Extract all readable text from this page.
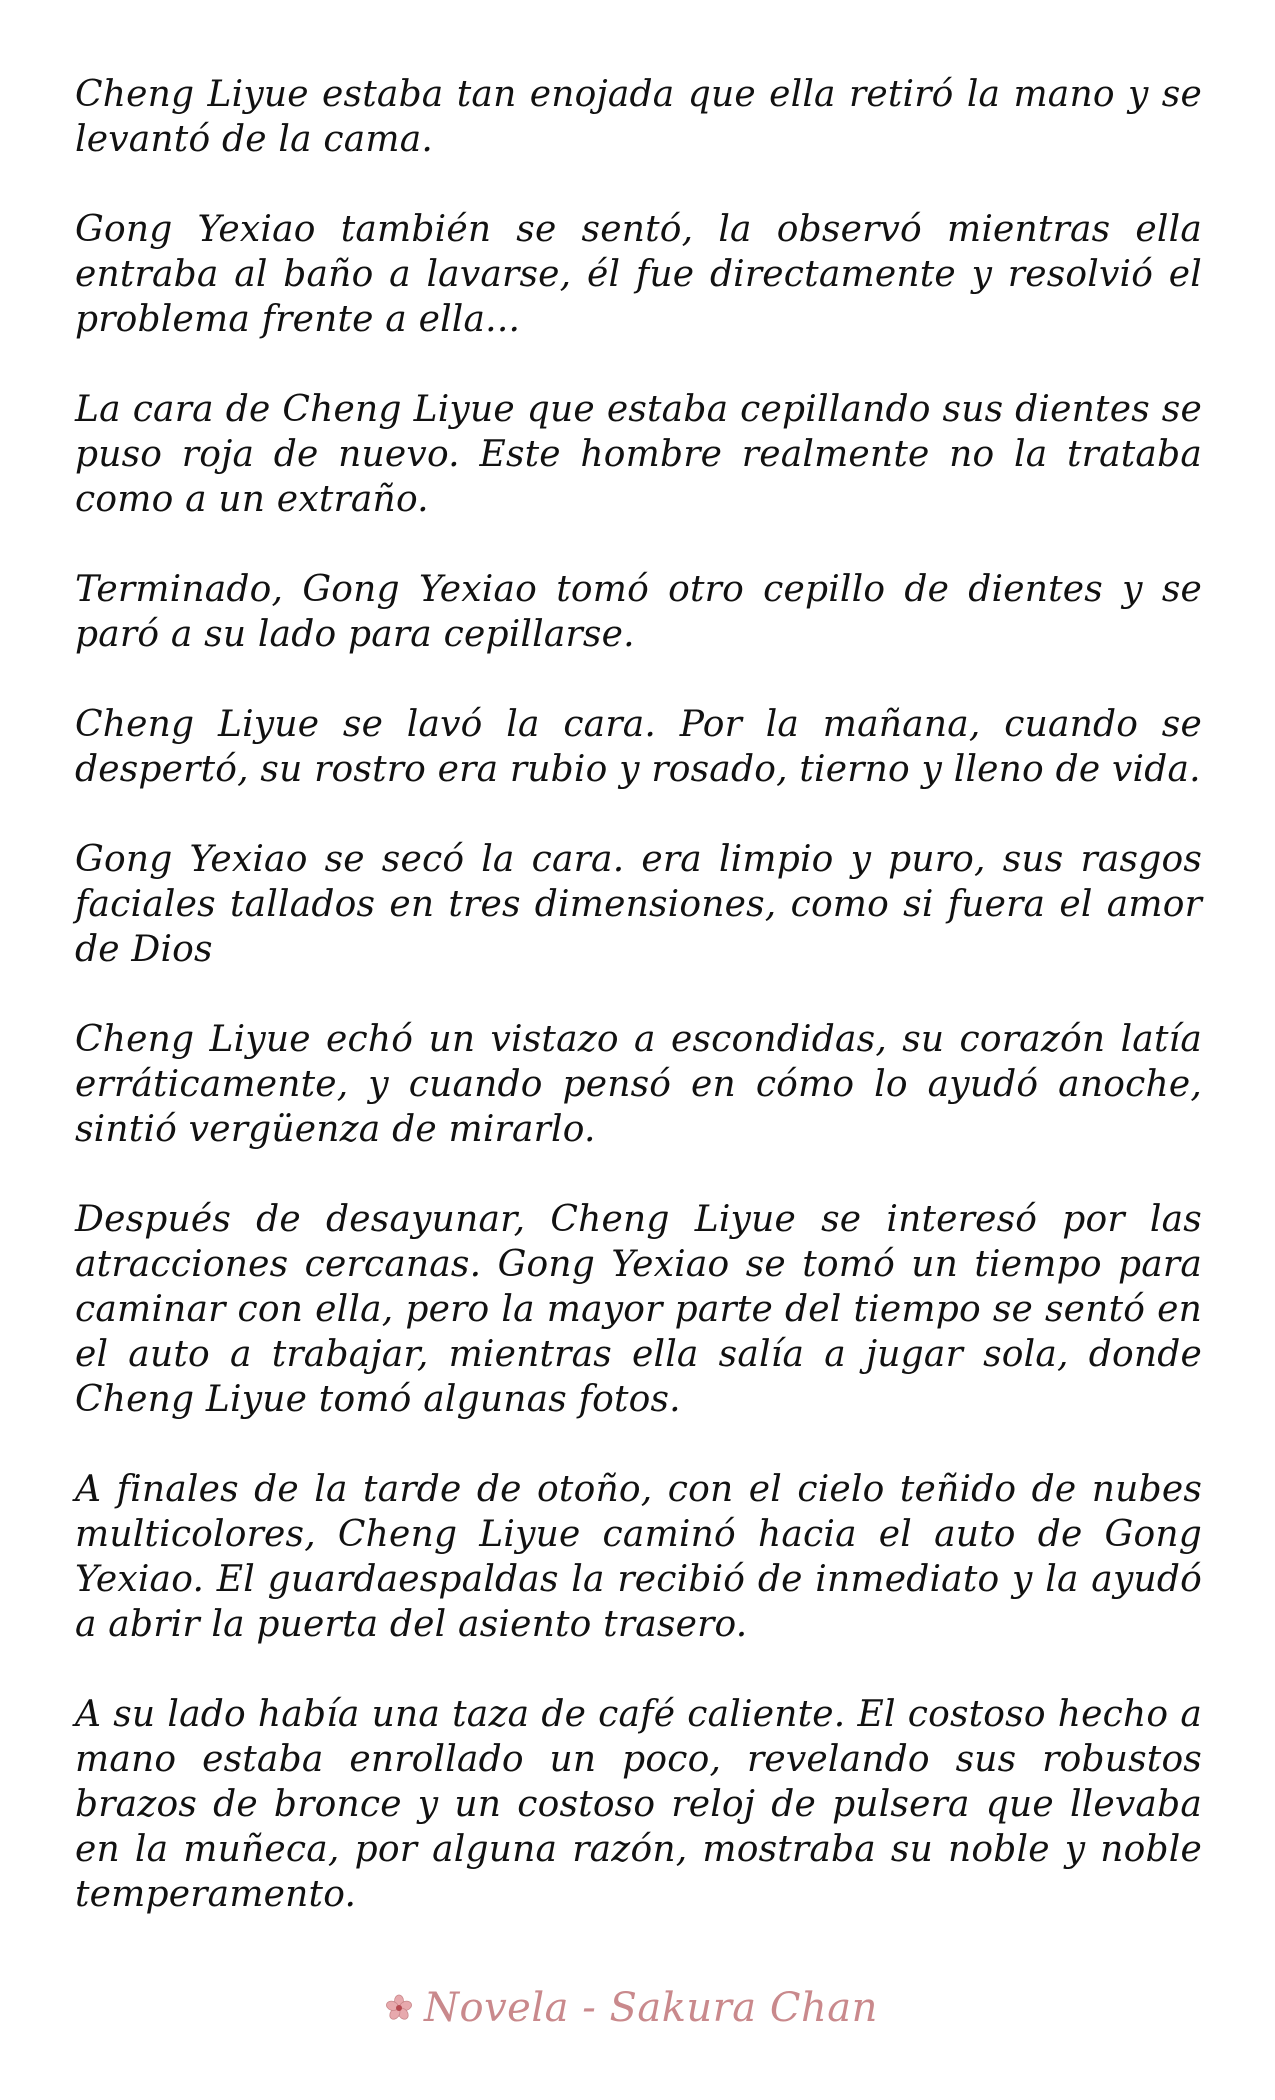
Cheng Liyue estaba tan enojada que ella retiró la mano y se levantó de la cama.

Gong Yexiao también se sentó, la observó mientras ella entraba al baño a lavarse, él fue directamente y resolvió el problema frente a ella...

La cara de Cheng Liyue que estaba cepillando sus dientes se puso roja de nuevo. Este hombre realmente no la trataba como a un extraño.

Terminado, Gong Yexiao tomó otro cepillo de dientes y se paró a su lado para cepillarse.

Cheng Liyue se lavó la cara. Por la mañana, cuando se despertó, su rostro era rubio y rosado, tierno y lleno de vida.

Gong Yexiao se secó la cara. era limpio y puro, sus rasgos faciales tallados en tres dimensiones, como si fuera el amor de Dios

Cheng Liyue echó un vistazo a escondidas, su corazón latía erráticamente, y cuando pensó en cómo lo ayudó anoche, sintió vergüenza de mirarlo.

Después de desayunar, Cheng Liyue se interesó por las atracciones cercanas. Gong Yexiao se tomó un tiempo para caminar con ella, pero la mayor parte del tiempo se sentó en el auto a trabajar, mientras ella salía a jugar sola, donde Cheng Liyue tomó algunas fotos.

A finales de la tarde de otoño, con el cielo teñido de nubes multicolores, Cheng Liyue caminó hacia el auto de Gong Yexiao. El guardaespaldas la recibió de inmediato y la ayudó a abrir la puerta del asiento trasero.

A su lado había una taza de café caliente. El costoso hecho a mano estaba enrollado un poco, revelando sus robustos brazos de bronce y un costoso reloj de pulsera que llevaba en la muñeca, por alguna razón, mostraba su noble y noble temperamento.

Novela - Sakura Chan
